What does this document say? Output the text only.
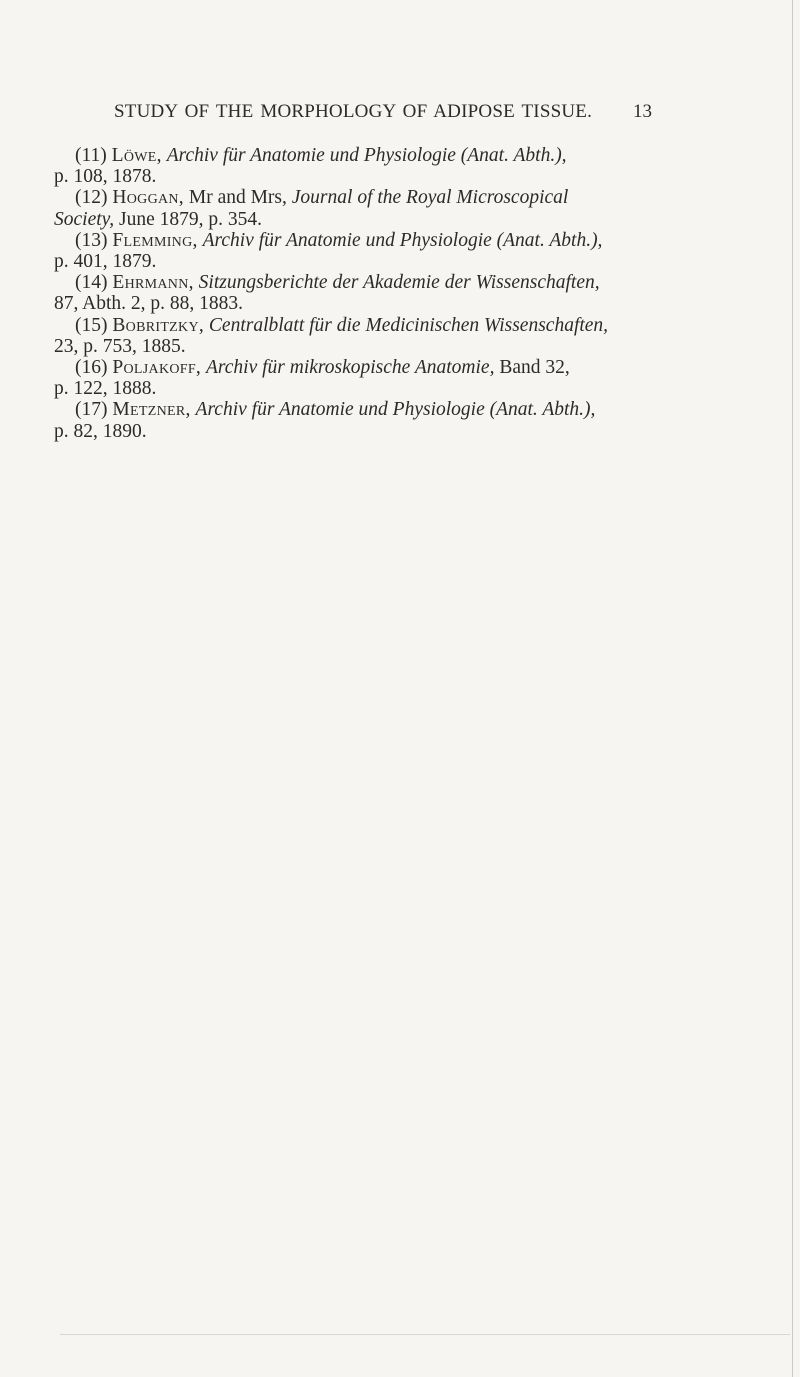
STUDY OF THE MORPHOLOGY OF ADIPOSE TISSUE. 13

(11) Löwe, Archiv für Anatomie und Physiologie (Anat. Abth.),
p. 108, 1878.

(12) Hoggan, Mr and Mrs, Journal of the Royal Microscopical
Society, June 1879, p. 354.

(13) Flemming, Archiv für Anatomie und Physiologie (Anat. Abth.),
p. 401, 1879.

(14) Ehrmann, Sitzungsberichte der Akademie der Wissenschaften,
87, Abth. 2, p. 88, 1883.

(15) Bobritzky, Centralblatt für die Medicinischen Wissenschaften,
23, p. 753, 1885.

(16) Poljakoff, Archiv für mikroskopische Anatomie, Band 32,
p. 122, 1888.

(17) Metzner, Archiv für Anatomie und Physiologie (Anat. Abth.),
p. 82, 1890.
